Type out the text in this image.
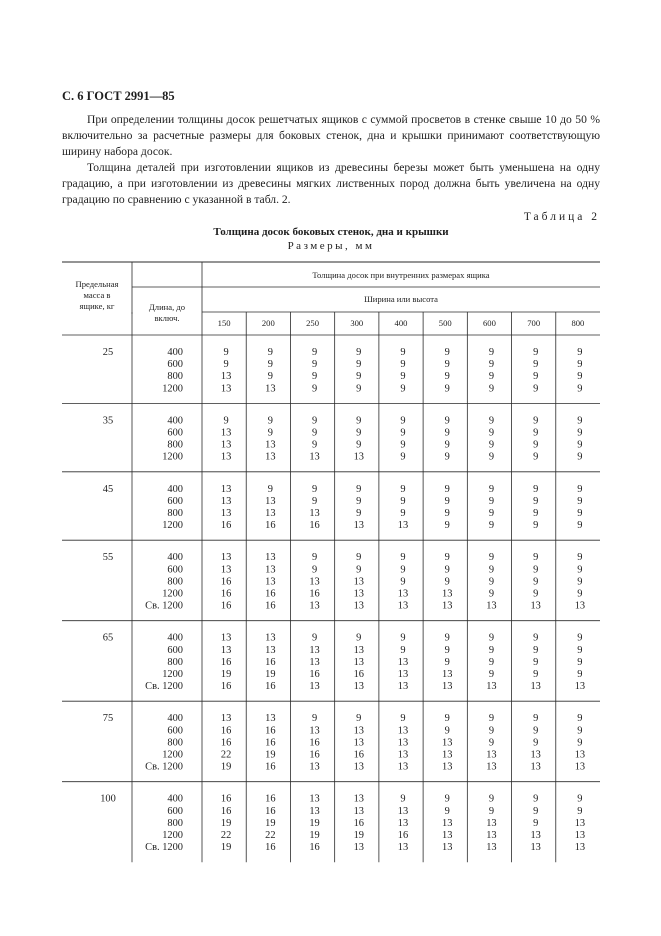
С. 6 ГОСТ 2991—85
При определении толщины досок решетчатых ящиков с суммой просветов в стенке свыше 10 до 50 % включительно за расчетные размеры для боковых стенок, дна и крышки принимают соответствующую ширину набора досок.
Толщина деталей при изготовлении ящиков из древесины березы может быть уменьшена на одну градацию, а при изготовлении из древесины мягких лиственных пород должна быть увеличена на одну градацию по сравнению с указанной в табл. 2.
Таблица 2
Толщина досок боковых стенок, дна и крышки
Размеры, мм
Предельная
масса в
ящике, кг	Длина, до
включ.
Толщина досок при внутренних размерах ящика
Ширина или высота
150	200	250	300	400	500	600	700	800
25	400	9	9	9	9	9	9	9	9	9
600	9	9	9	9	9	9	9	9	9
800	13	9	9	9	9	9	9	9	9
1200	13	13	9	9	9	9	9	9	9
35	400	9	9	9	9	9	9	9	9	9
600	13	9	9	9	9	9	9	9	9
800	13	13	9	9	9	9	9	9	9
1200	13	13	13	13	9	9	9	9	9
45	400	13	9	9	9	9	9	9	9	9
600	13	13	9	9	9	9	9	9	9
800	13	13	13	9	9	9	9	9	9
1200	16	16	16	13	13	9	9	9	9
55	400	13	13	9	9	9	9	9	9	9
600	13	13	9	9	9	9	9	9	9
800	16	13	13	13	9	9	9	9	9
1200	16	16	16	13	13	13	9	9	9
Св. 1200	16	16	13	13	13	13	13	13	13
65	400	13	13	9	9	9	9	9	9	9
600	13	13	13	13	9	9	9	9	9
800	16	16	13	13	13	9	9	9	9
1200	19	19	16	16	13	13	9	9	9
Св. 1200	16	16	13	13	13	13	13	13	13
75	400	13	13	9	9	9	9	9	9	9
600	16	16	13	13	13	9	9	9	9
800	16	16	16	13	13	13	9	9	9
1200	22	19	16	16	13	13	13	13	13
Св. 1200	19	16	13	13	13	13	13	13	13
100	400	16	16	13	13	9	9	9	9	9
600	16	16	13	13	13	9	9	9	9
800	19	19	19	16	13	13	13	9	13
1200	22	22	19	19	16	13	13	13	13
Св. 1200	19	16	16	13	13	13	13	13	13
